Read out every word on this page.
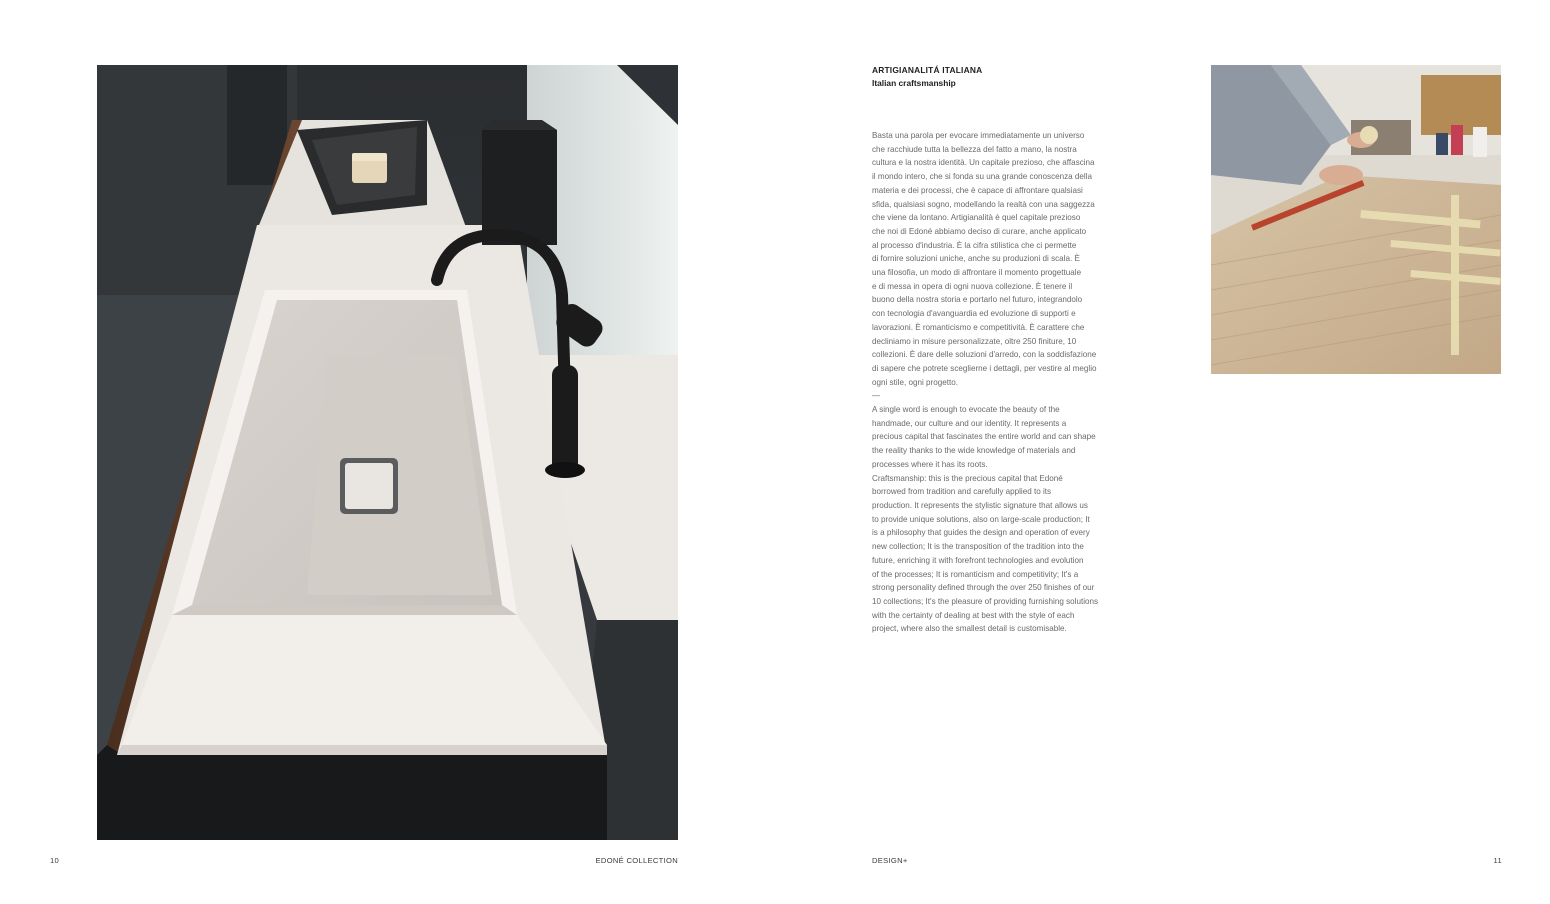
ARTIGIANALITÁ ITALIANA

Italian craftsmanship

Basta una parola per evocare immediatamente un universo
che racchiude tutta la bellezza del fatto a mano, la nostra
cultura e la nostra identità. Un capitale prezioso, che affascina
il mondo intero, che si fonda su una grande conoscenza della
materia e dei processi, che è capace di affrontare qualsiasi
sfida, qualsiasi sogno, modellando la realtà con una saggezza
che viene da lontano. Artigianalità è quel capitale prezioso
che noi di Edoné abbiamo deciso di curare, anche applicato
al processo d'industria. È la cifra stilistica che ci permette
di fornire soluzioni uniche, anche su produzioni di scala. È
una filosofia, un modo di affrontare il momento progettuale
e di messa in opera di ogni nuova collezione. È tenere il
buono della nostra storia e portarlo nel futuro, integrandolo
con tecnologia d'avanguardia ed evoluzione di supporti e
lavorazioni. È romanticismo e competitività. È carattere che
decliniamo in misure personalizzate, oltre 250 finiture, 10
collezioni. È dare delle soluzioni d'arredo, con la soddisfazione
di sapere che potrete sceglierne i dettagli, per vestire al meglio
ogni stile, ogni progetto.
—
A single word is enough to evocate the beauty of the
handmade, our culture and our identity. It represents a
precious capital that fascinates the entire world and can shape
the reality thanks to the wide knowledge of materials and
processes where it has its roots.
Craftsmanship: this is the precious capital that Edoné
borrowed from tradition and carefully applied to its
production. It represents the stylistic signature that allows us
to provide unique solutions, also on large-scale production; It
is a philosophy that guides the design and operation of every
new collection; It is the transposition of the tradition into the
future, enriching it with forefront technologies and evolution
of the processes; It is romanticism and competitivity; It's a
strong personality defined through the over 250 finishes of our
10 collections; It's the pleasure of providing furnishing solutions
with the certainty of dealing at best with the style of each
project, where also the smallest detail is customisable.
10	EDONÉ COLLECTION	DESIGN+	11
